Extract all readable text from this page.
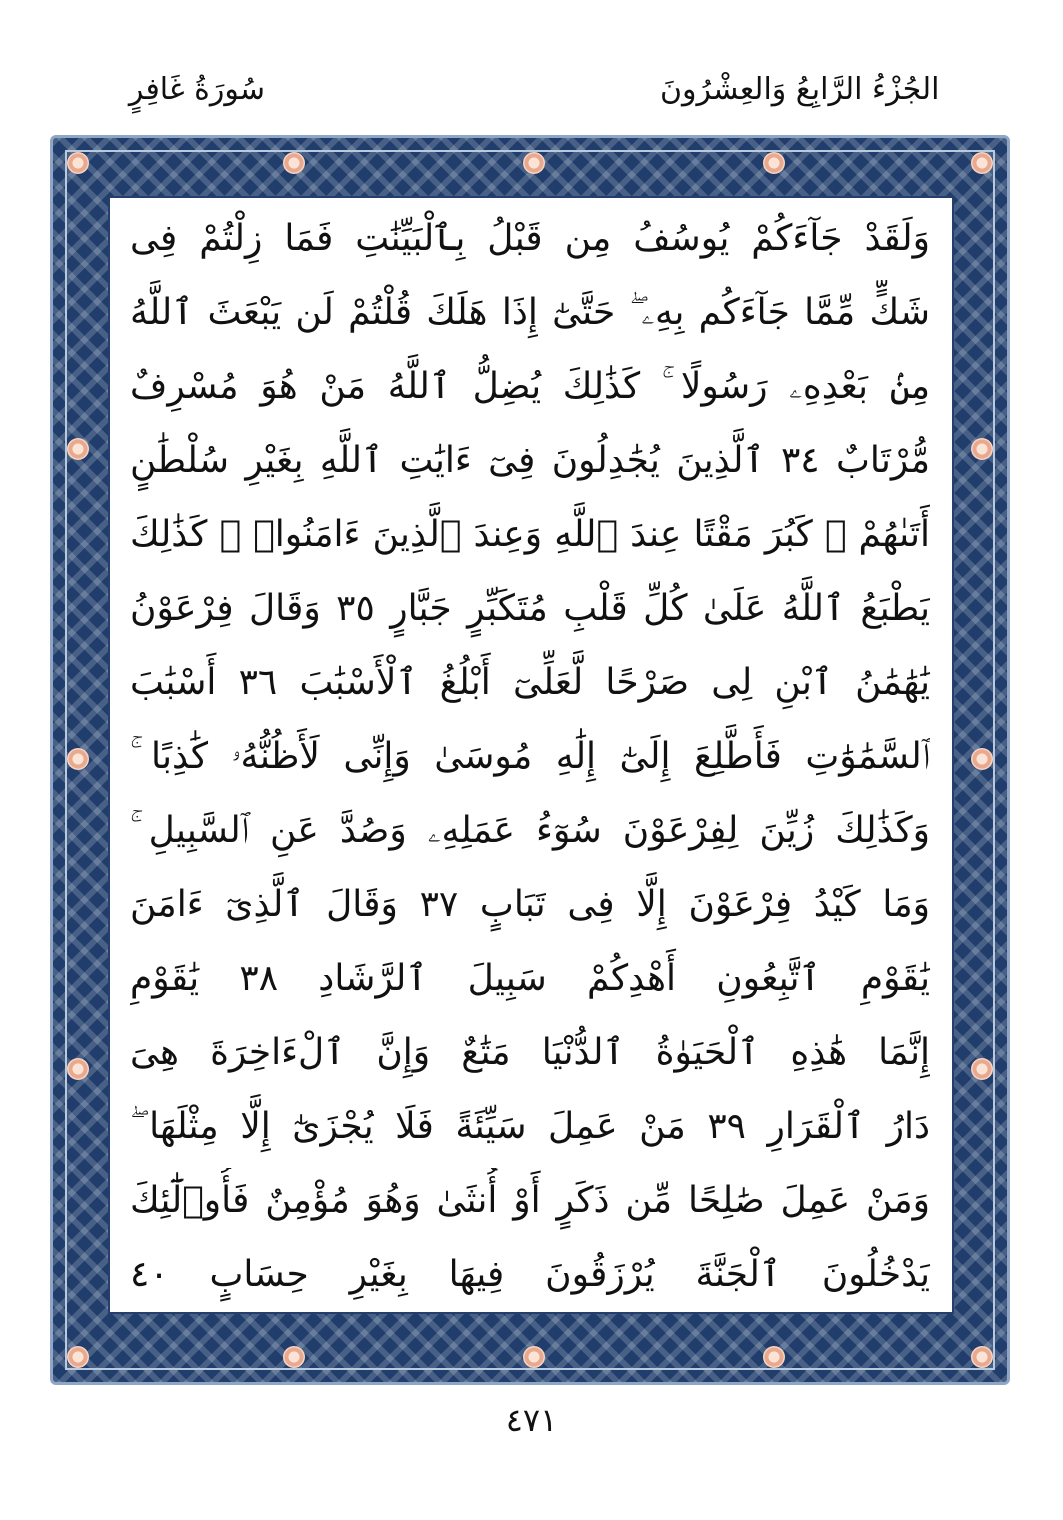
الجُزْءُ الرَّابِعُ وَالعِشْرُونَ
سُورَةُ غَافِرٍ
وَلَقَدْ جَآءَكُمْ يُوسُفُ مِن قَبْلُ بِٱلْبَيِّنَٰتِ فَمَا زِلْتُمْ فِى
شَكٍّ مِّمَّا جَآءَكُم بِهِۦ ۖ حَتَّىٰٓ إِذَا هَلَكَ قُلْتُمْ لَن يَبْعَثَ ٱللَّهُ
مِنۢ بَعْدِهِۦ رَسُولًا ۚ كَذَٰلِكَ يُضِلُّ ٱللَّهُ مَنْ هُوَ مُسْرِفٌ
مُّرْتَابٌ ٣٤ ٱلَّذِينَ يُجَٰدِلُونَ فِىٓ ءَايَٰتِ ٱللَّهِ بِغَيْرِ سُلْطَٰنٍ
أَتَىٰهُمْ ۖ كَبُرَ مَقْتًا عِندَ ٱللَّهِ وَعِندَ ٱلَّذِينَ ءَامَنُوا۟ ۚ كَذَٰلِكَ
يَطْبَعُ ٱللَّهُ عَلَىٰ كُلِّ قَلْبِ مُتَكَبِّرٍ جَبَّارٍ ٣٥ وَقَالَ فِرْعَوْنُ
يَٰهَٰمَٰنُ ٱبْنِ لِى صَرْحًا لَّعَلِّىٓ أَبْلُغُ ٱلْأَسْبَٰبَ ٣٦ أَسْبَٰبَ
ٱلسَّمَٰوَٰتِ فَأَطَّلِعَ إِلَىٰٓ إِلَٰهِ مُوسَىٰ وَإِنِّى لَأَظُنُّهُۥ كَٰذِبًا ۚ
وَكَذَٰلِكَ زُيِّنَ لِفِرْعَوْنَ سُوٓءُ عَمَلِهِۦ وَصُدَّ عَنِ ٱلسَّبِيلِ ۚ
وَمَا كَيْدُ فِرْعَوْنَ إِلَّا فِى تَبَابٍ ٣٧ وَقَالَ ٱلَّذِىٓ ءَامَنَ
يَٰقَوْمِ ٱتَّبِعُونِ أَهْدِكُمْ سَبِيلَ ٱلرَّشَادِ ٣٨ يَٰقَوْمِ
إِنَّمَا هَٰذِهِ ٱلْحَيَوٰةُ ٱلدُّنْيَا مَتَٰعٌ وَإِنَّ ٱلْءَاخِرَةَ هِىَ
دَارُ ٱلْقَرَارِ ٣٩ مَنْ عَمِلَ سَيِّئَةً فَلَا يُجْزَىٰٓ إِلَّا مِثْلَهَا ۖ
وَمَنْ عَمِلَ صَٰلِحًا مِّن ذَكَرٍ أَوْ أُنثَىٰ وَهُوَ مُؤْمِنٌ فَأُو۟لَٰٓئِكَ
يَدْخُلُونَ ٱلْجَنَّةَ يُرْزَقُونَ فِيهَا بِغَيْرِ حِسَابٍ ٤٠
٤٧١
